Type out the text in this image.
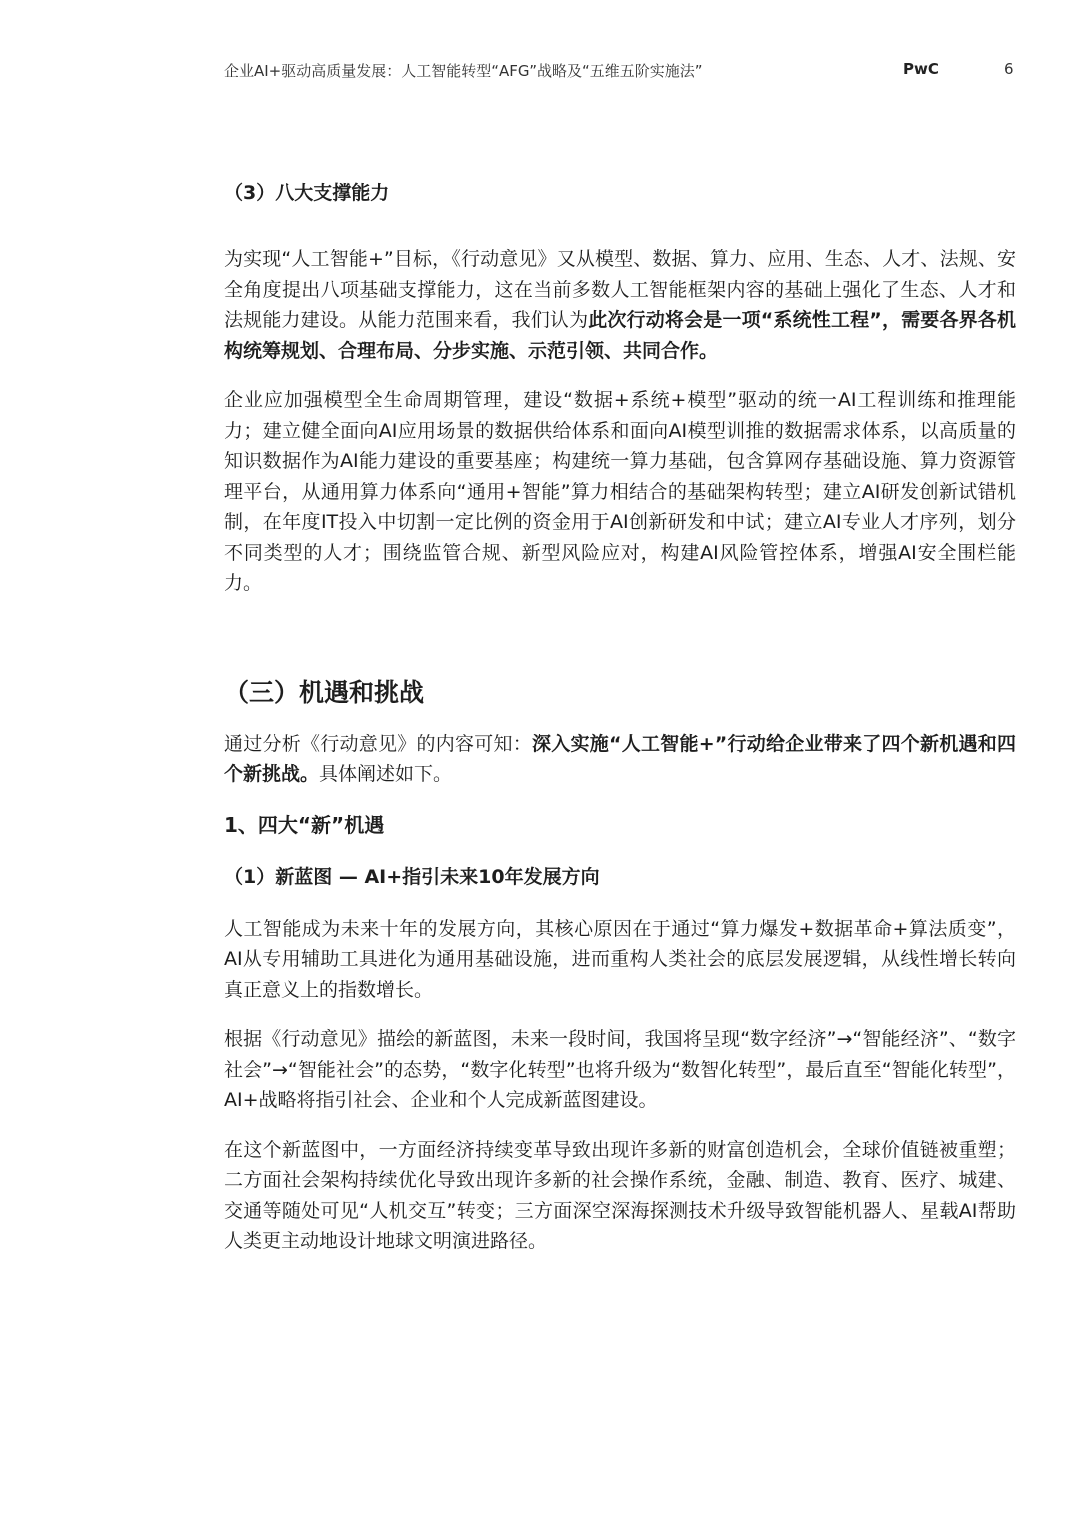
企业AI+驱动高质量发展：人工智能转型“AFG”战略及“五维五阶实施法”	PwC	6
（3）八大支撑能力

为实现“人工智能+”目标，《行动意见》又从模型、数据、算力、应用、生态、人才、法规、安全角度提出八项基础支撑能力，这在当前多数人工智能框架内容的基础上强化了生态、人才和法规能力建设。从能力范围来看，我们认为此次行动将会是一项“系统性工程”，需要各界各机构统筹规划、合理布局、分步实施、示范引领、共同合作。

企业应加强模型全生命周期管理，建设“数据+系统+模型”驱动的统一AI工程训练和推理能力；建立健全面向AI应用场景的数据供给体系和面向AI模型训推的数据需求体系，以高质量的知识数据作为AI能力建设的重要基座；构建统一算力基础，包含算网存基础设施、算力资源管理平台，从通用算力体系向“通用+智能”算力相结合的基础架构转型；建立AI研发创新试错机制，在年度IT投入中切割一定比例的资金用于AI创新研发和中试；建立AI专业人才序列，划分不同类型的人才；围绕监管合规、新型风险应对，构建AI风险管控体系，增强AI安全围栏能力。

（三）机遇和挑战

通过分析《行动意见》的内容可知：深入实施“人工智能+”行动给企业带来了四个新机遇和四个新挑战。具体阐述如下。

1、四大“新”机遇
（1）新蓝图 — AI+指引未来10年发展方向

人工智能成为未来十年的发展方向，其核心原因在于通过“算力爆发+数据革命+算法质变”，AI从专用辅助工具进化为通用基础设施，进而重构人类社会的底层发展逻辑，从线性增长转向真正意义上的指数增长。

根据《行动意见》描绘的新蓝图，未来一段时间，我国将呈现“数字经济”→“智能经济”、“数字社会”→“智能社会”的态势，“数字化转型”也将升级为“数智化转型”，最后直至“智能化转型”，AI+战略将指引社会、企业和个人完成新蓝图建设。

在这个新蓝图中，一方面经济持续变革导致出现许多新的财富创造机会，全球价值链被重塑；二方面社会架构持续优化导致出现许多新的社会操作系统，金融、制造、教育、医疗、城建、交通等随处可见“人机交互”转变；三方面深空深海探测技术升级导致智能机器人、星载AI帮助人类更主动地设计地球文明演进路径。
